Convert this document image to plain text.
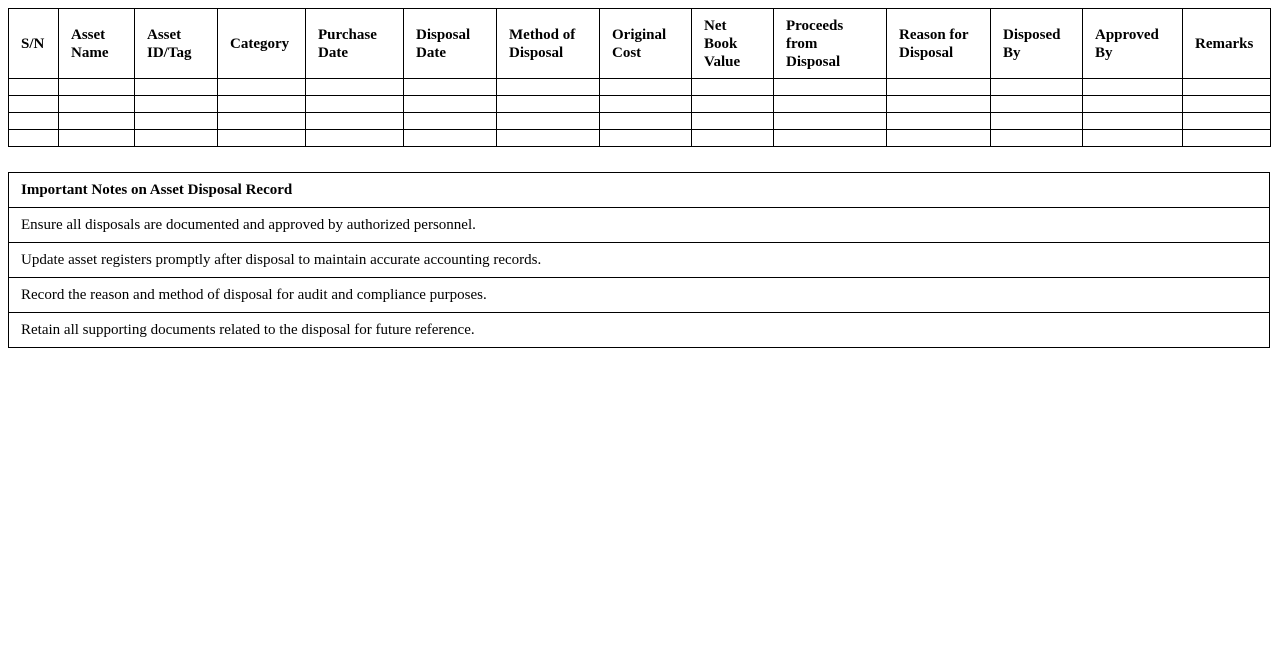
S/N	Asset Name	Asset ID/Tag	Category	Purchase Date	Disposal Date	Method of Disposal	Original Cost	Net Book Value	Proceeds from Disposal	Reason for Disposal	Disposed By	Approved By	Remarks

Important Notes on Asset Disposal Record
Ensure all disposals are documented and approved by authorized personnel.
Update asset registers promptly after disposal to maintain accurate accounting records.
Record the reason and method of disposal for audit and compliance purposes.
Retain all supporting documents related to the disposal for future reference.
